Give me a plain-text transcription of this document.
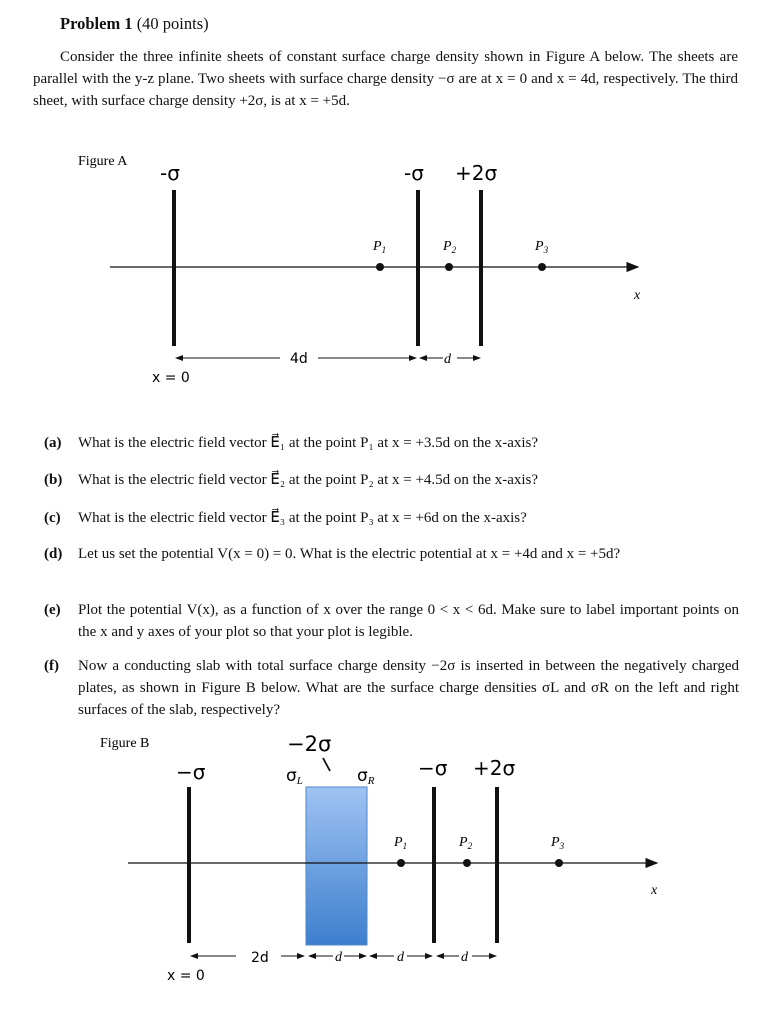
Problem 1 (40 points)
Consider the three infinite sheets of constant surface charge density shown in Figure A below. The sheets are parallel with the y-z plane. Two sheets with surface charge density −σ are at x = 0 and x = 4d, respectively. The third sheet, with surface charge density +2σ, is at x = +5d.
Figure A -σ	-σ +2σ
$P_1$	$P_2$	$P_3$
x
4d	d
x = 0
(a) What is the electric field vector E⃗₁ at the point P₁ at x = +3.5d on the x-axis?
(b) What is the electric field vector E⃗₂ at the point P₂ at x = +4.5d on the x-axis?
(c) What is the electric field vector E⃗₃ at the point P₃ at x = +6d on the x-axis?
(d) Let us set the potential V(x = 0) = 0. What is the electric potential at x = +4d and x = +5d?
(e) Plot the potential V(x), as a function of x over the range 0 < x < 6d. Make sure to label important points on the x and y axes of your plot so that your plot is legible.
(f) Now a conducting slab with total surface charge density −2σ is inserted in between the negatively charged plates, as shown in Figure B below. What are the surface charge densities σL and σR on the left and right surfaces of the slab, respectively?
Figure B	−2σ
−σ	σL	σR
−σ +2σ
$P_1$	$P_2$	$P_3$
x
2d	d	d	d
x = 0
